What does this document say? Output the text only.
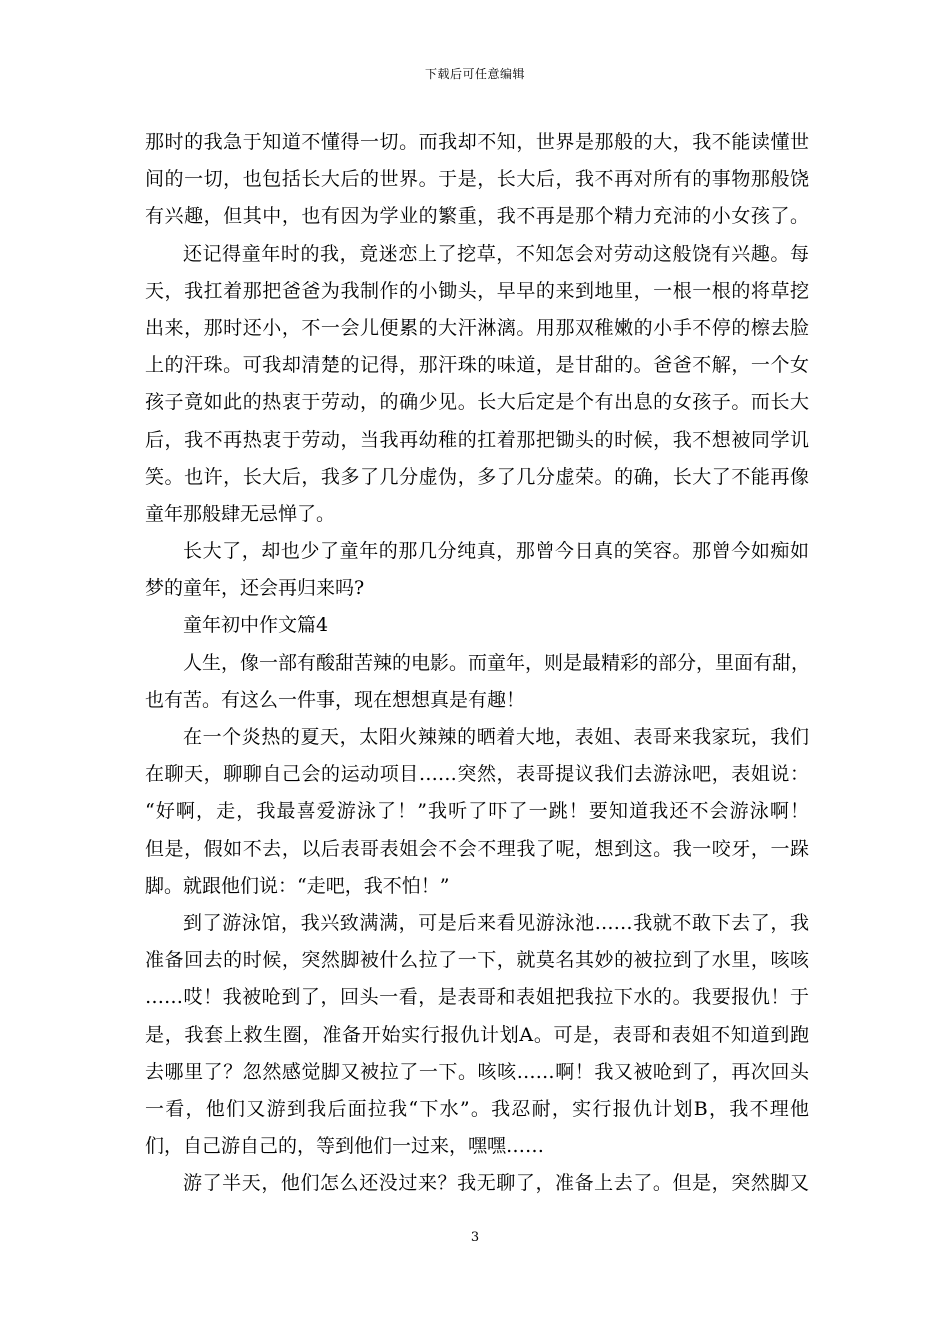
下载后可任意编辑
那时的我急于知道不懂得一切。而我却不知，世界是那般的大，我不能读懂世
间的一切，也包括长大后的世界。于是，长大后，我不再对所有的事物那般饶
有兴趣，但其中，也有因为学业的繁重，我不再是那个精力充沛的小女孩了。
还记得童年时的我，竟迷恋上了挖草，不知怎会对劳动这般饶有兴趣。每
天，我扛着那把爸爸为我制作的小锄头，早早的来到地里，一根一根的将草挖
出来，那时还小，不一会儿便累的大汗淋漓。用那双稚嫩的小手不停的檫去脸
上的汗珠。可我却清楚的记得，那汗珠的味道，是甘甜的。爸爸不解，一个女
孩子竟如此的热衷于劳动，的确少见。长大后定是个有出息的女孩子。而长大
后，我不再热衷于劳动，当我再幼稚的扛着那把锄头的时候，我不想被同学讥
笑。也许，长大后，我多了几分虚伪，多了几分虚荣。的确，长大了不能再像
童年那般肆无忌惮了。
长大了，却也少了童年的那几分纯真，那曾今日真的笑容。那曾今如痴如
梦的童年，还会再归来吗?
童年初中作文篇4
人生，像一部有酸甜苦辣的电影。而童年，则是最精彩的部分，里面有甜，
也有苦。有这么一件事，现在想想真是有趣！
在一个炎热的夏天，太阳火辣辣的晒着大地，表姐、表哥来我家玩，我们
在聊天，聊聊自己会的运动项目……突然，表哥提议我们去游泳吧，表姐说：
“好啊，走，我最喜爱游泳了！”我听了吓了一跳！要知道我还不会游泳啊！
但是，假如不去，以后表哥表姐会不会不理我了呢，想到这。我一咬牙，一跺
脚。就跟他们说：“走吧，我不怕！”
到了游泳馆，我兴致满满，可是后来看见游泳池……我就不敢下去了，我
准备回去的时候，突然脚被什么拉了一下，就莫名其妙的被拉到了水里，咳咳
……哎！我被呛到了，回头一看，是表哥和表姐把我拉下水的。我要报仇！于
是，我套上救生圈，准备开始实行报仇计划A。可是，表哥和表姐不知道到跑
去哪里了？忽然感觉脚又被拉了一下。咳咳……啊！我又被呛到了，再次回头
一看，他们又游到我后面拉我“下水”。我忍耐，实行报仇计划B，我不理他
们，自己游自己的，等到他们一过来，嘿嘿……
游了半天，他们怎么还没过来？我无聊了，准备上去了。但是，突然脚又
3
